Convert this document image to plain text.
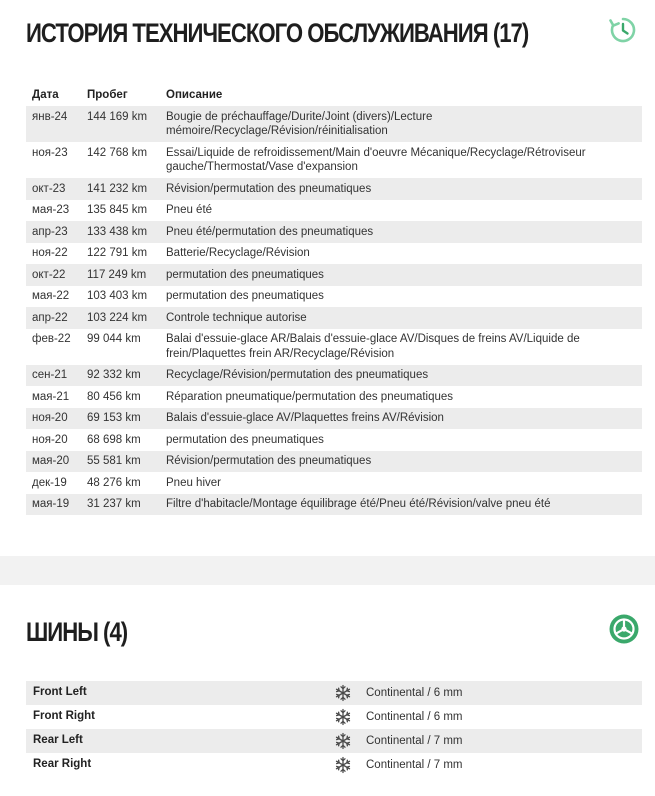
ИСТОРИЯ ТЕХНИЧЕСКОГО ОБСЛУЖИВАНИЯ (17)
Дата	Пробег	Описание
янв-24	144 169 km	Bougie de préchauffage/Durite/Joint (divers)/Lecture mémoire/Recyclage/Révision/réinitialisation
ноя-23	142 768 km	Essai/Liquide de refroidissement/Main d'oeuvre Mécanique/Recyclage/Rétroviseur gauche/Thermostat/Vase d'expansion
окт-23	141 232 km	Révision/permutation des pneumatiques
мая-23	135 845 km	Pneu été
апр-23	133 438 km	Pneu été/permutation des pneumatiques
ноя-22	122 791 km	Batterie/Recyclage/Révision
окт-22	117 249 km	permutation des pneumatiques
мая-22	103 403 km	permutation des pneumatiques
апр-22	103 224 km	Controle technique autorise
фев-22	99 044 km	Balai d'essuie-glace AR/Balais d'essuie-glace AV/Disques de freins AV/Liquide de frein/Plaquettes frein AR/Recyclage/Révision
сен-21	92 332 km	Recyclage/Révision/permutation des pneumatiques
мая-21	80 456 km	Réparation pneumatique/permutation des pneumatiques
ноя-20	69 153 km	Balais d'essuie-glace AV/Plaquettes freins AV/Révision
ноя-20	68 698 km	permutation des pneumatiques
мая-20	55 581 km	Révision/permutation des pneumatiques
дек-19	48 276 km	Pneu hiver
мая-19	31 237 km	Filtre d'habitacle/Montage équilibrage été/Pneu été/Révision/valve pneu été
ШИНЫ (4)
Front Left	Continental / 6 mm
Front Right	Continental / 6 mm
Rear Left	Continental / 7 mm
Rear Right	Continental / 7 mm
